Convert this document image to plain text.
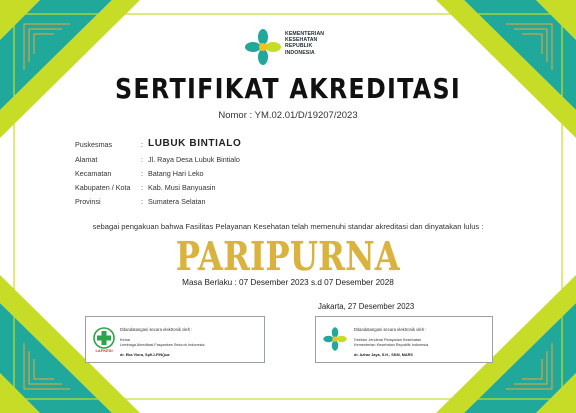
KEMENTERIAN
KESEHATAN
REPUBLIK
INDONESIA
SERTIFIKAT AKREDITASI
Nomor : YM.02.01/D/19207/2023
Puskesmas	: LUBUK BINTIALO
Alamat	: Jl. Raya Desa Lubuk Bintialo
Kecamatan	: Batang Hari Leko
Kabupaten / Kota	: Kab. Musi Banyuasin
Provinsi	: Sumatera Selatan
sebagai pengakuan bahwa Fasilitas Pelayanan Kesehatan telah memenuhi standar akreditasi dan dinyatakan lulus :
PARIPURNA
Masa Berlaku : 07 Desember 2023 s.d 07 Desember 2028
Jakarta, 27 Desember 2023
LAFKESI
Ditandatangani secara elektronik oleh :
Ketua
Lembaga Akreditasi Fasyankes Seluruh Indonesia
dr. Eka Viora, SpKJ-FINQua
Ditandatangani secara elektronik oleh :
Direktur Jenderal Pelayanan Kesehatan
Kementerian Kesehatan Republik Indonesia
dr. Azhar Jaya, S.H., SKM, MARS
